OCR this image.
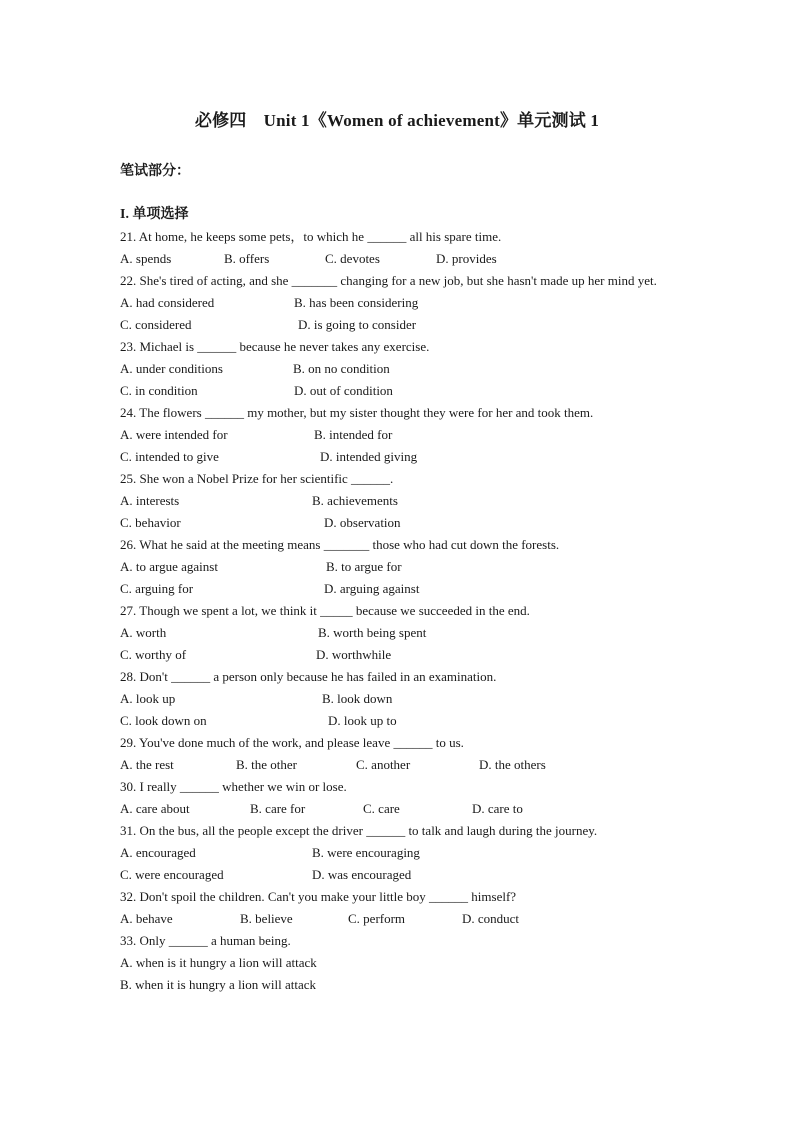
必修四　Unit 1《Women of achievement》单元测试 1
笔试部分：
I. 单项选择
21. At home, he keeps some pets，to which he ______ all his spare time.
A. spends	B. offers	C. devotes	D. provides
22. She's tired of acting, and she _______ changing for a new job, but she hasn't made up her mind yet.
A. had considered	B. has been considering
C. considered	D. is going to consider
23. Michael is ______ because he never takes any exercise.
A. under conditions	B. on no condition
C. in condition	D. out of condition
24. The flowers ______ my mother, but my sister thought they were for her and took them.
A. were intended for	B. intended for
C. intended to give	D. intended giving
25. She won a Nobel Prize for her scientific ______.
A. interests	B. achievements
C. behavior	D. observation
26. What he said at the meeting means _______ those who had cut down the forests.
A. to argue against	B. to argue for
C. arguing for	D. arguing against
27. Though we spent a lot, we think it _____ because we succeeded in the end.
A. worth	B. worth being spent
C. worthy of	D. worthwhile
28. Don't ______ a person only because he has failed in an examination.
A. look up	B. look down
C. look down on	D. look up to
29. You've done much of the work, and please leave ______ to us.
A. the rest	B. the other	C. another	D. the others
30. I really ______ whether we win or lose.
A. care about	B. care for	C. care	D. care to
31. On the bus, all the people except the driver ______ to talk and laugh during the journey.
A. encouraged	B. were encouraging
C. were encouraged	D. was encouraged
32. Don't spoil the children. Can't you make your little boy ______ himself?
A. behave	B. believe	C. perform	D. conduct
33. Only ______ a human being.
A. when is it hungry a lion will attack
B. when it is hungry a lion will attack
